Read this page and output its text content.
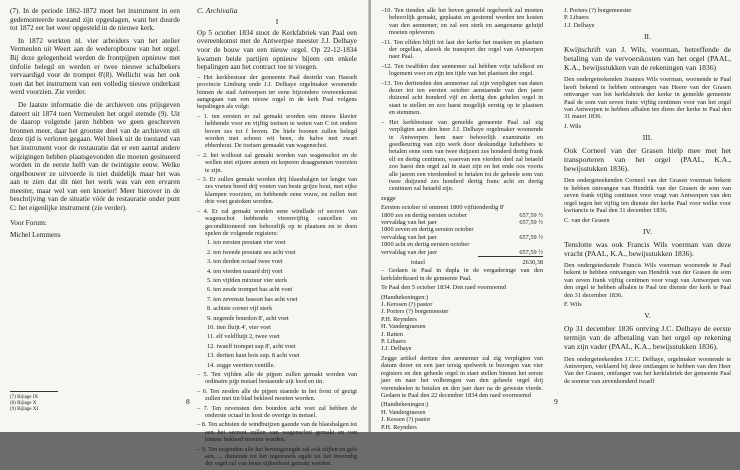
(7). In de periode 1862-1872 moet het instrument in een gedemonteerde toestand zijn opgeslagen, want het duurde tot 1872 eer het weer opgesteld in de nieuwe kerk.

In 1872 werkten nl. vier arbeiders van het atelier Vermeulen uit Weert aan de wederopbouw van het orgel. Bij deze gelegenheid werden de frontpijpen opnieuw met tinfolie belegd en werden er twee nieuwe schalbekers vervaardigd voor de trompet 8'(8). Wellicht was het ook toen dat het instrument van een volledig nieuwe onderkast werd voorzien. Zie verder.

De laatste informatie die de archieven ons prijsgeven dateert uit 1874 toen Vermeulen het orgel stemde (9). Uit de daarop volgende jaren hebben we geen geschreven bronnen meer, daar het grootste deel van de archieven uit deze tijd is verloren gegaan. Wel bleek uit de toestand van het instrument voor de restauratie dat er een aantal andere wijzigingen hebben plaatsgevonden die moeten gesitueerd worden in de eerste helft van de twintigste eeuw. Welke orgelbouwer ze uitvoerde is niet duidelijk maar het was aan te zien dat dit niet het werk was van een ervaren meester, maar wel van een knoeier! Meer hierover in de beschrijving van de situatie vóór de restauratie onder punt C: het eigenlijke instrument (zie verder).

Voor Forum:

Michel Lemmens

C. Archivalia
I

Op 5 october 1834 stoot de Kerkfabriek van Paal een overeenkomst met de Antwerpse meester J.J. Delhaye voor de bouw van een nieuw orgel. Op 22-12-1834 kwamen beide partijen opnieuw bijeen om enkele bepalingen aan het contract toe te voegen.

– Het kerkbestuur der gemeente Paal destrikt van Hasselt provincie Limburg ende J.J. Delhaye orgelmaker woonende binnen de stad Antwerpen ter eene bijzondere overeenkomst aangegaan van een nieuw orgel in de kerk Paal volgens bepalingen als volgt:

– 1. ten eersten er zal gemakt worden een nieuw klavier hebbende voor en vijftig toetsen te weten van C tot ondere boven zes tot f boven. De hiele boonen zullen belegd worden met schoen wit been, de halve met zwart ebbenhout. De toetsen gemaakt van wagenschot.

– 2. het wolhout zal gemakt worden van wagenschot en de wellen met eijzere armen en koperen draagpennen voorzien te zijn.

– 3. Er zullen gemakt worden drij blaesbalgen ter lengte van zes voeten breed drij voeten van beste grijze hout, met eijke klampen voorzien, en hebbende eene vouw, en zullen met drie voet gestoken worden.

– 4. Er zal gemakt worden eene windlade of secreet van wagenschot hebbende vierenvijftig cancellen en geconditioneerd om behoorlijk op te plaatsen en te doen spelen de volgende registers:

1. ten eersten prestant vier voet

2. ten tweede prestant ses acht voet

3. ten derden octaaf twee voet

4. ten vierden nazard drij voet

5. ten vijfden mixtuur vier sterk

6. ten zesde trompet bas acht voet

7. ten zevenste basson bas acht voet

8. achtste cornet vijf sterk

9. negende bourdon 8', acht voet

10. tien fluijt 4', vier voet

11. elf veldfluijt 2, twee voet

12. twaelf trompet sup 8', acht voet

13. dertien haut bois sup. 8 acht voet

14. zegge veertien ventille.

– 5. Ten vijfden alle de pijpen zullen gemakt worden van ordinaire pijp metael bestaende uijt lood en tin.

– 6. Ten zesden alle de pijpen staende in het front of gezigt zullen met tin blad bekleed moeten worden.

– 7. Ten zevensten den bourdon acht voet zal hebben de onderste octaaf in hout de overige in metael.

– 8. Ten achtsten de windbuijzen gaende van de blaesbalgen tot aen het secreet zullen van wagenschot gemakt en van binnen bekleed moeten worden.

– 9. Ten negenden alle het bovengezegde zal ook stijlen en gels aen, ... dienende tot het regenwerk egale tot het inwendig der orgel zal van beste eijkenhout gemakt worden.

(7) Bijlage IX
(8) Bijlage X
(9) Bijlage XI
8

–10. Ten tienden alle het boven gemeld orgelwerk zal moeten behoorlijk gemakt, geplaatst en gestemd worden ten kosten van den aennemer, en zal een sterk en aangename geluijd moeten opleveren.

–11. Ten elfden blijft tot last der kerke het maeken en plaetsen der orgelkas, alsook de transport der orgel van Antwerpen naer Paal.

–12. Ten twalfden den aennemer zal hebben vrije tafelkost en logement voor en zijn ten tijde van het plaetsen der orgel.

–13. Ten dertienden den aennemer zal zijn verpligten van daten dezer tot ten eersten october aenstaende van den jaere duizend acht honderd vijf en dertig den gehelen orgel in staet te stellen en zoo haest mogelijk eerstig op te plaatsen en stemmen.

– Het kerkbestuur van gemelde gemeente Paal zal zig verpligten aen den heer J.J. Delhaye orgelmaker woonende te Antwerpen hem naer behoorlijk examinatie en goedkeuring van zijn werk door deskundige luthebbers te betalen eene som van twee duijzent zes honderd dertig frank elf en dertig centimen, waervan een vierden deel zal betaeld zoo haest den orgel zal in staet zijn en het ende oos voorts alle jaeren een vierdendeel te betalen tot de geheele som van twee duijzend zes honderd dertig franc acht en dertig centimen zal betaeld zijn.

zegge

Eersten october of omtrent 1800 vijftienderdig 8'
1800 zes en dertig eersten october	657,59 ½
vervaldag van het jaer	657,59 ½
1800 zeven en dertig eersten october
vervaldag van het jaer	657,59 ½
1800 acht en dertig eersten october
vervaldag van der jaer	657,59 ½
totael	2630,38

– Gedaen te Paal in dupla in de vergaderinge van den kerkfabrikraed in de gemeente Paal.

Te Paal den 5 october 1834. Den raed voornoemd

(Handtekeningen:)

J. Kerssen (?) pastor

J. Porters (?) borgemeester

P.H. Reynders

H. Vandergraesen

J. Ratten

P. Libaers

J.J. Delhaye

Zegge artikel dertien den aennemer zal zig verpligten van datum dezer en een jaer tersig spelwerk te bezorgen van vier registers en den geheele orgel in staet stellen binnen het eerste jaer en naer het volbrengen van den geheele orgel drij vierendeelen te betalen en den jaer daer na de geweste vierde. Gedaen te Paal den 22 december 1834 den raed voornoemd

(Handtekeningen:)

H. Vandergraesen

J. Kessen (?) pastor

P.H. Reynders

J. Porters (?) borgemeester

P. Libaers

J.J. Delhaye

II.

Kwijtschrift van J. Wils, voerman, betreffende de betaling van de vervoerskosten van het orgel (PAAL, K.A., bewijsstukken van de rekeningen van 1836)

Den ondergeteekenden Joannes Wils voerman, woonende te Paal heeft bekend te hebben ontvangen van Heere van der Grasen ontvanger van het kerkfabriek der kerke in gemelde gemeente Paal de som van seven franc vijftig centimen voor van het orgel van Antwerpen te hebben afhalen ten diens der kerke te Paal den 31 maert 1836.

J. Wils

III.

Ook Corneel van der Grasen hielp mee met het transporteren van het orgel (PAAL, K.A., bewijsstukken 1836).

Den ondergeteekenden Corneel van der Grasen voerman bekent te hebben ontvangen van Hendrik van der Grasen de som van zeven frank vijftig centimen voor vragt van Antwerpen van den orgel tegen het vijftig ten dienste der kerke Paal voor welke voor kwitancie te Paal den 31 december 1836.

C. van der Grasen

IV.

Tenslotte was ook Francis Wils voerman van deze vracht (PAAL, K.A., bewijsstukken 1836).

Den ondergeteekende Francis Wils voerman woonende te Paal bekent te hebben ontvangen van Hendrik van der Grasen de som van zeven frank vijftig centimen voor vragt van Antwerpen van den orgel te hebben afhalen te Paal ten dienste der kerk te Paal den 31 december 1836.

F. Wils

V.

Op 31 december 1836 ontving J.C. Delhaye de eerste termijn van de afbetaling van het orgel op rekening van zijn vader (PAAL, K.A., bewijsstukken 1836).

Den ondergeteekenden J.C.C. Delhaye, orgelmaker woonende te Antwerpen, verklaerd bij deze ontfangen te hebben van den Heer Van der Grasen, ontfanger van het kerkfabriek der gemeente Paal de somme van zevenhonderd twaelf

9
